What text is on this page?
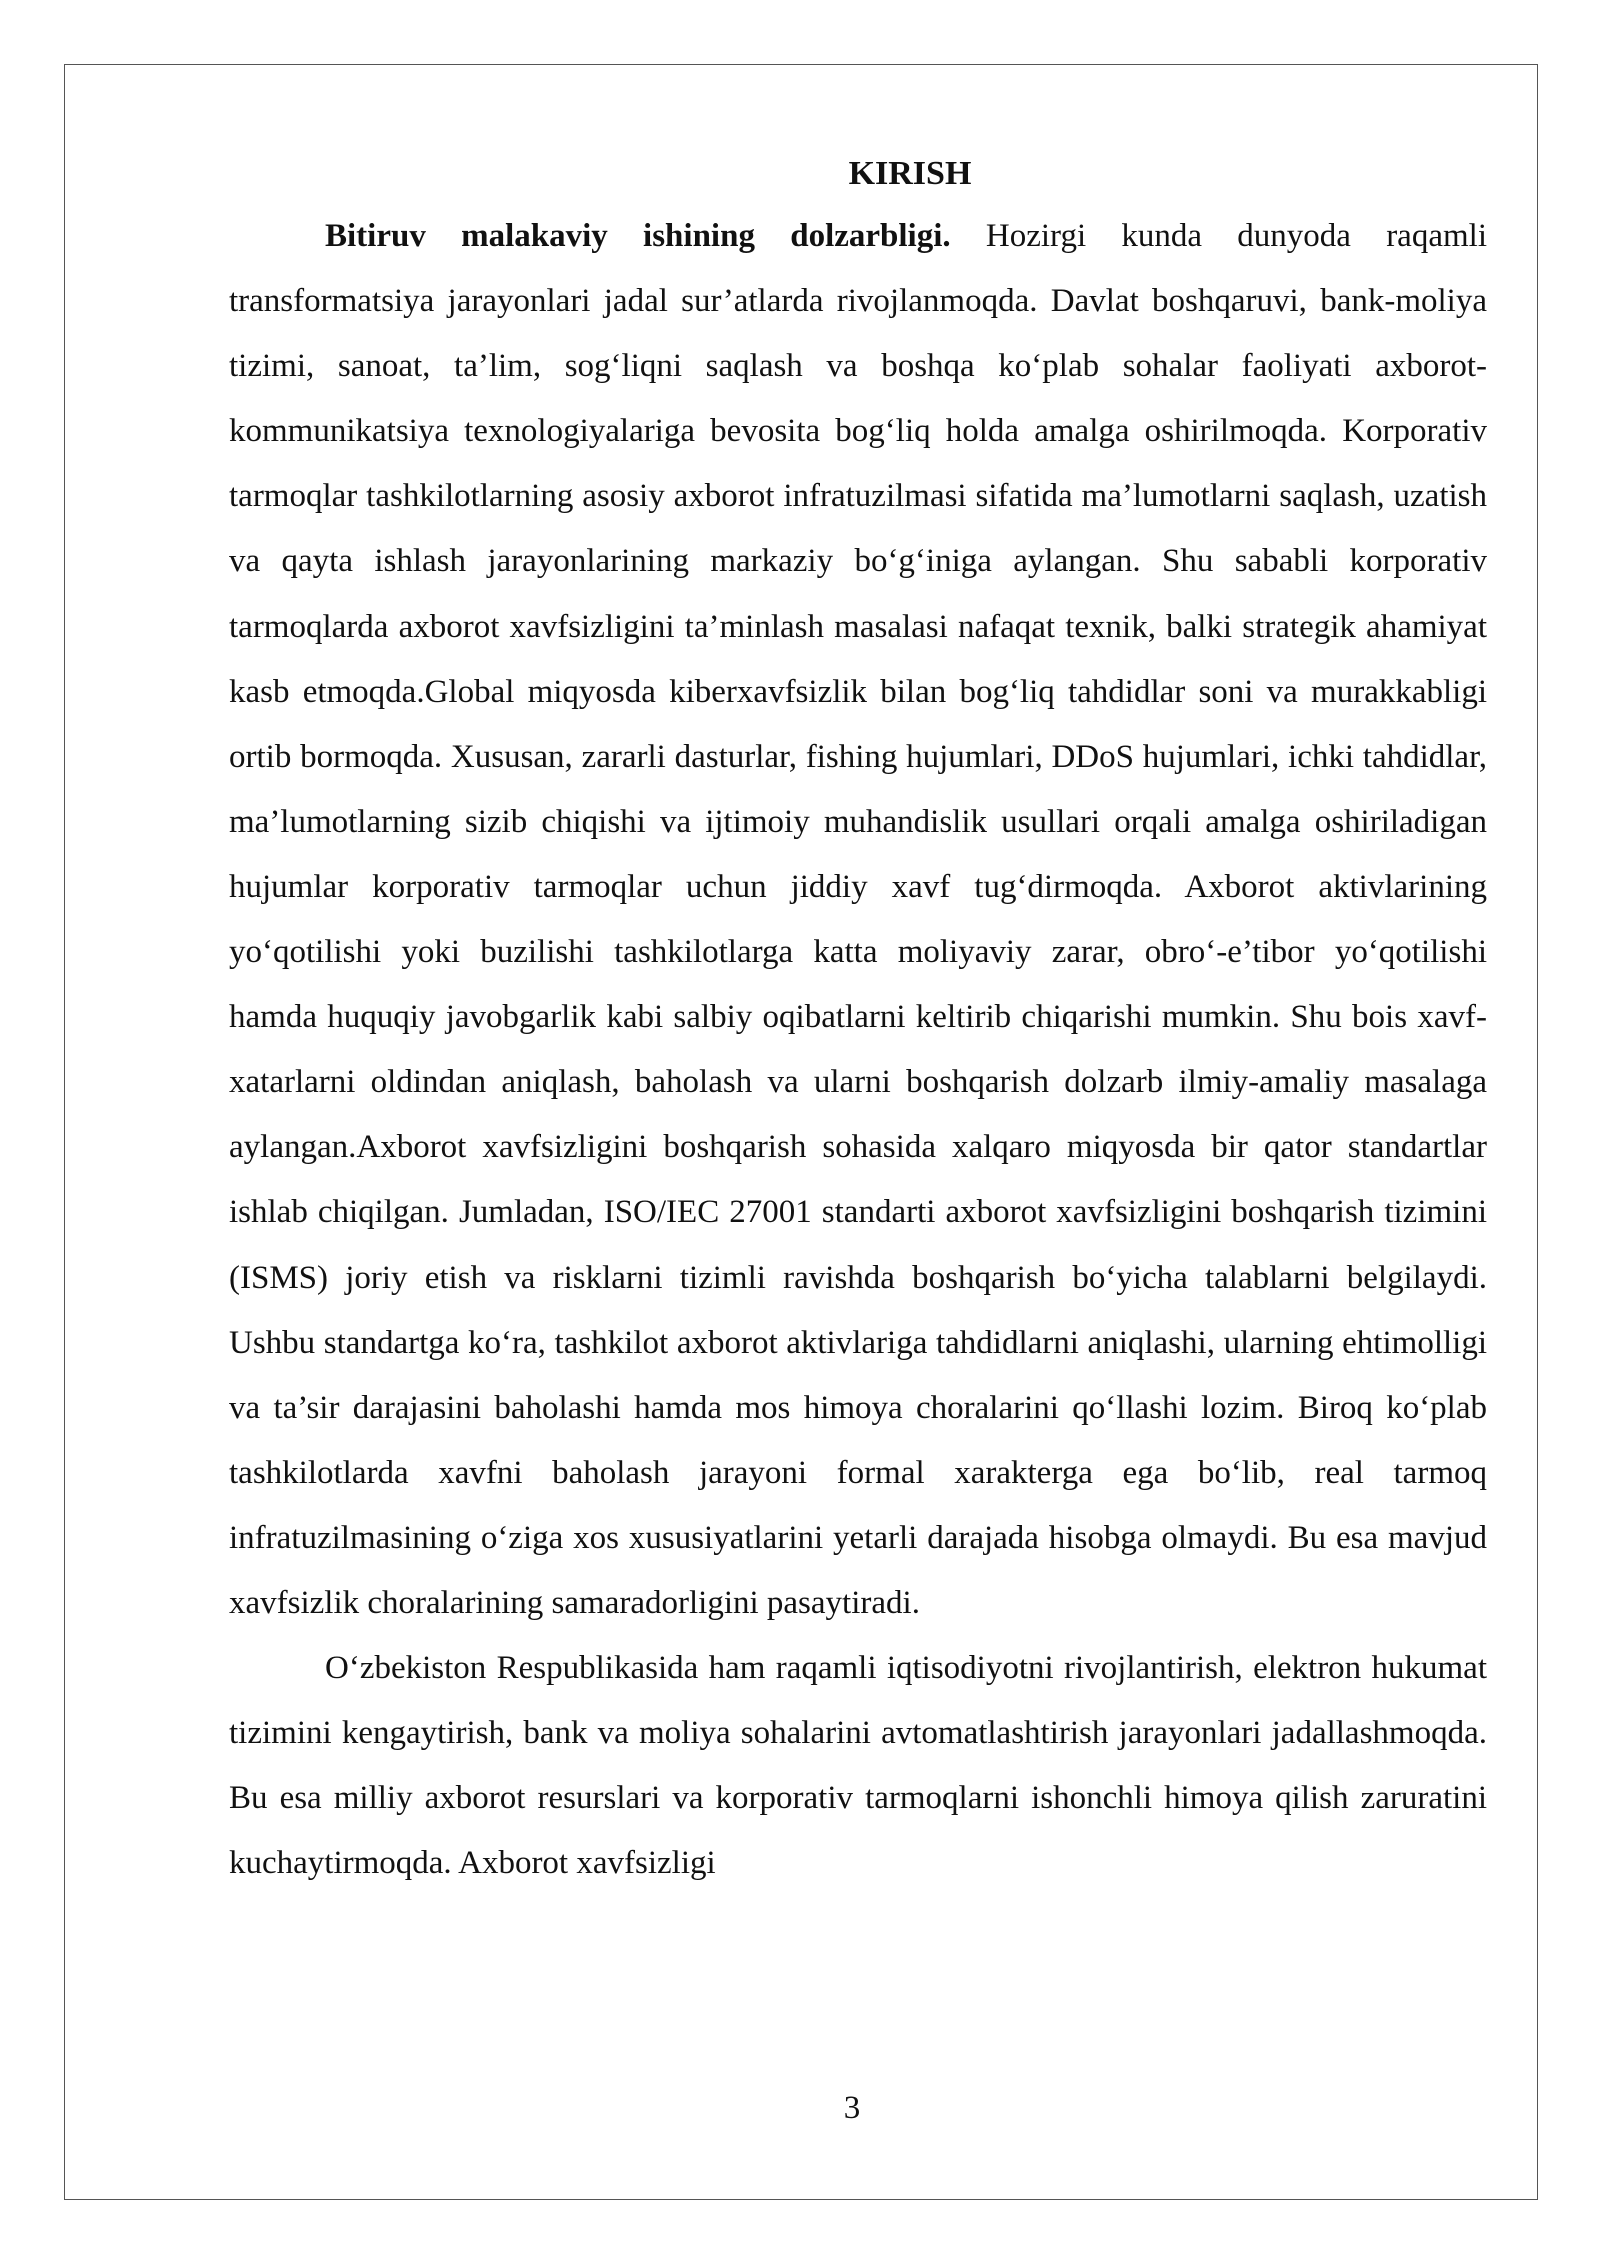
KIRISH

Bitiruv malakaviy ishining dolzarbligi. Hozirgi kunda dunyoda raqamli transformatsiya jarayonlari jadal sur’atlarda rivojlanmoqda. Davlat boshqaruvi, bank-moliya tizimi, sanoat, ta’lim, sog‘liqni saqlash va boshqa ko‘plab sohalar faoliyati axborot-kommunikatsiya texnologiyalariga bevosita bog‘liq holda amalga oshirilmoqda. Korporativ tarmoqlar tashkilotlarning asosiy axborot infratuzilmasi sifatida ma’lumotlarni saqlash, uzatish va qayta ishlash jarayonlarining markaziy bo‘g‘iniga aylangan. Shu sababli korporativ tarmoqlarda axborot xavfsizligini ta’minlash masalasi nafaqat texnik, balki strategik ahamiyat kasb etmoqda.Global miqyosda kiberxavfsizlik bilan bog‘liq tahdidlar soni va murakkabligi ortib bormoqda. Xususan, zararli dasturlar, fishing hujumlari, DDoS hujumlari, ichki tahdidlar, ma’lumotlarning sizib chiqishi va ijtimoiy muhandislik usullari orqali amalga oshiriladigan hujumlar korporativ tarmoqlar uchun jiddiy xavf tug‘dirmoqda. Axborot aktivlarining yo‘qotilishi yoki buzilishi tashkilotlarga katta moliyaviy zarar, obro‘-e’tibor yo‘qotilishi hamda huquqiy javobgarlik kabi salbiy oqibatlarni keltirib chiqarishi mumkin. Shu bois xavf-xatarlarni oldindan aniqlash, baholash va ularni boshqarish dolzarb ilmiy-amaliy masalaga aylangan.Axborot xavfsizligini boshqarish sohasida xalqaro miqyosda bir qator standartlar ishlab chiqilgan. Jumladan, ISO/IEC 27001 standarti axborot xavfsizligini boshqarish tizimini (ISMS) joriy etish va risklarni tizimli ravishda boshqarish bo‘yicha talablarni belgilaydi. Ushbu standartga ko‘ra, tashkilot axborot aktivlariga tahdidlarni aniqlashi, ularning ehtimolligi va ta’sir darajasini baholashi hamda mos himoya choralarini qo‘llashi lozim. Biroq ko‘plab tashkilotlarda xavfni baholash jarayoni formal xarakterga ega bo‘lib, real tarmoq infratuzilmasining o‘ziga xos xususiyatlarini yetarli darajada hisobga olmaydi. Bu esa mavjud xavfsizlik choralarining samaradorligini pasaytiradi.

O‘zbekiston Respublikasida ham raqamli iqtisodiyotni rivojlantirish, elektron hukumat tizimini kengaytirish, bank va moliya sohalarini avtomatlashtirish jarayonlari jadallashmoqda. Bu esa milliy axborot resurslari va korporativ tarmoqlarni ishonchli himoya qilish zaruratini kuchaytirmoqda. Axborot xavfsizligi

3
